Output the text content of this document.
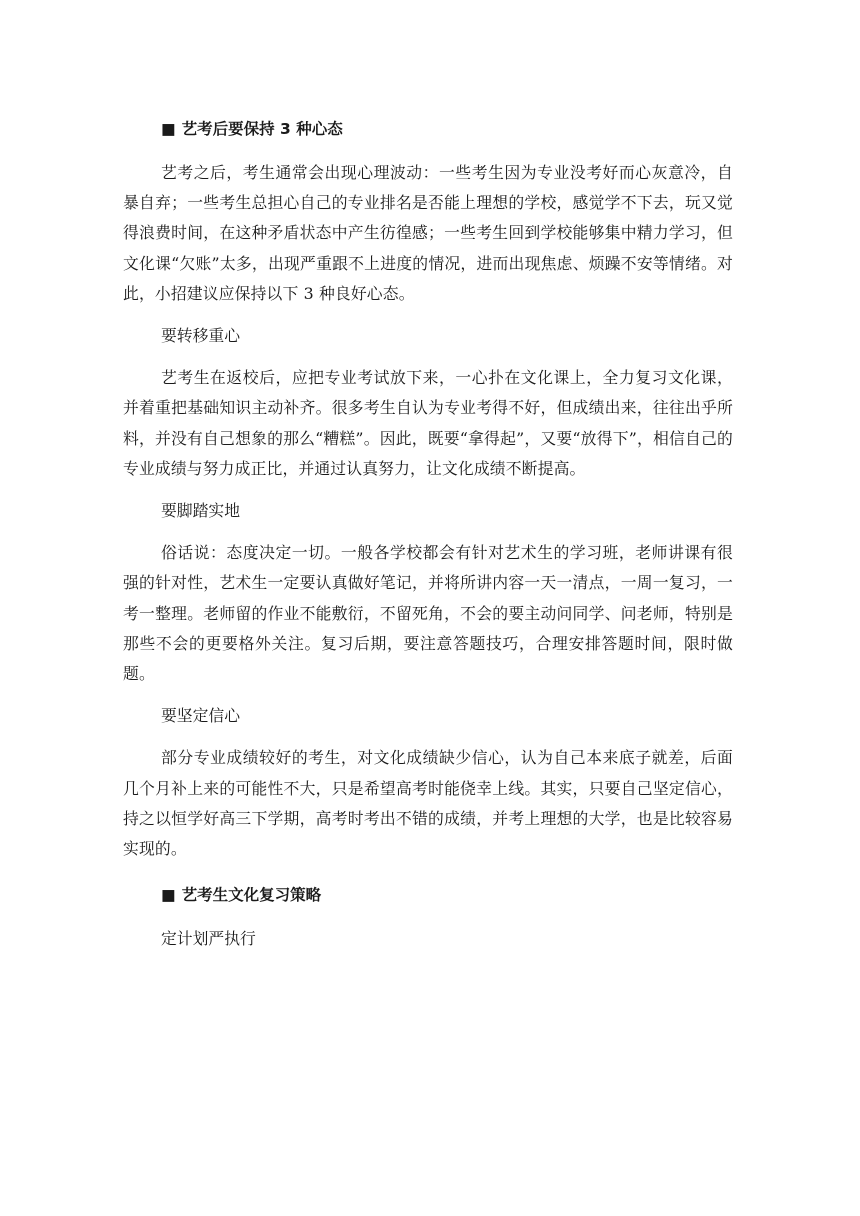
■ 艺考后要保持 3 种心态

艺考之后，考生通常会出现心理波动：一些考生因为专业没考好而心灰意冷，自暴自弃；一些考生总担心自己的专业排名是否能上理想的学校，感觉学不下去，玩又觉得浪费时间，在这种矛盾状态中产生彷徨感；一些考生回到学校能够集中精力学习，但文化课“欠账”太多，出现严重跟不上进度的情况，进而出现焦虑、烦躁不安等情绪。对此，小招建议应保持以下 3 种良好心态。

要转移重心

艺考生在返校后，应把专业考试放下来，一心扑在文化课上，全力复习文化课，并着重把基础知识主动补齐。很多考生自认为专业考得不好，但成绩出来，往往出乎所料，并没有自己想象的那么“糟糕”。因此，既要“拿得起”，又要“放得下”，相信自己的专业成绩与努力成正比，并通过认真努力，让文化成绩不断提高。

要脚踏实地

俗话说：态度决定一切。一般各学校都会有针对艺术生的学习班，老师讲课有很强的针对性，艺术生一定要认真做好笔记，并将所讲内容一天一清点，一周一复习，一考一整理。老师留的作业不能敷衍，不留死角，不会的要主动问同学、问老师，特别是那些不会的更要格外关注。复习后期，要注意答题技巧，合理安排答题时间，限时做题。

要坚定信心

部分专业成绩较好的考生，对文化成绩缺少信心，认为自己本来底子就差，后面几个月补上来的可能性不大，只是希望高考时能侥幸上线。其实，只要自己坚定信心，持之以恒学好高三下学期，高考时考出不错的成绩，并考上理想的大学，也是比较容易实现的。

■ 艺考生文化复习策略

定计划严执行
